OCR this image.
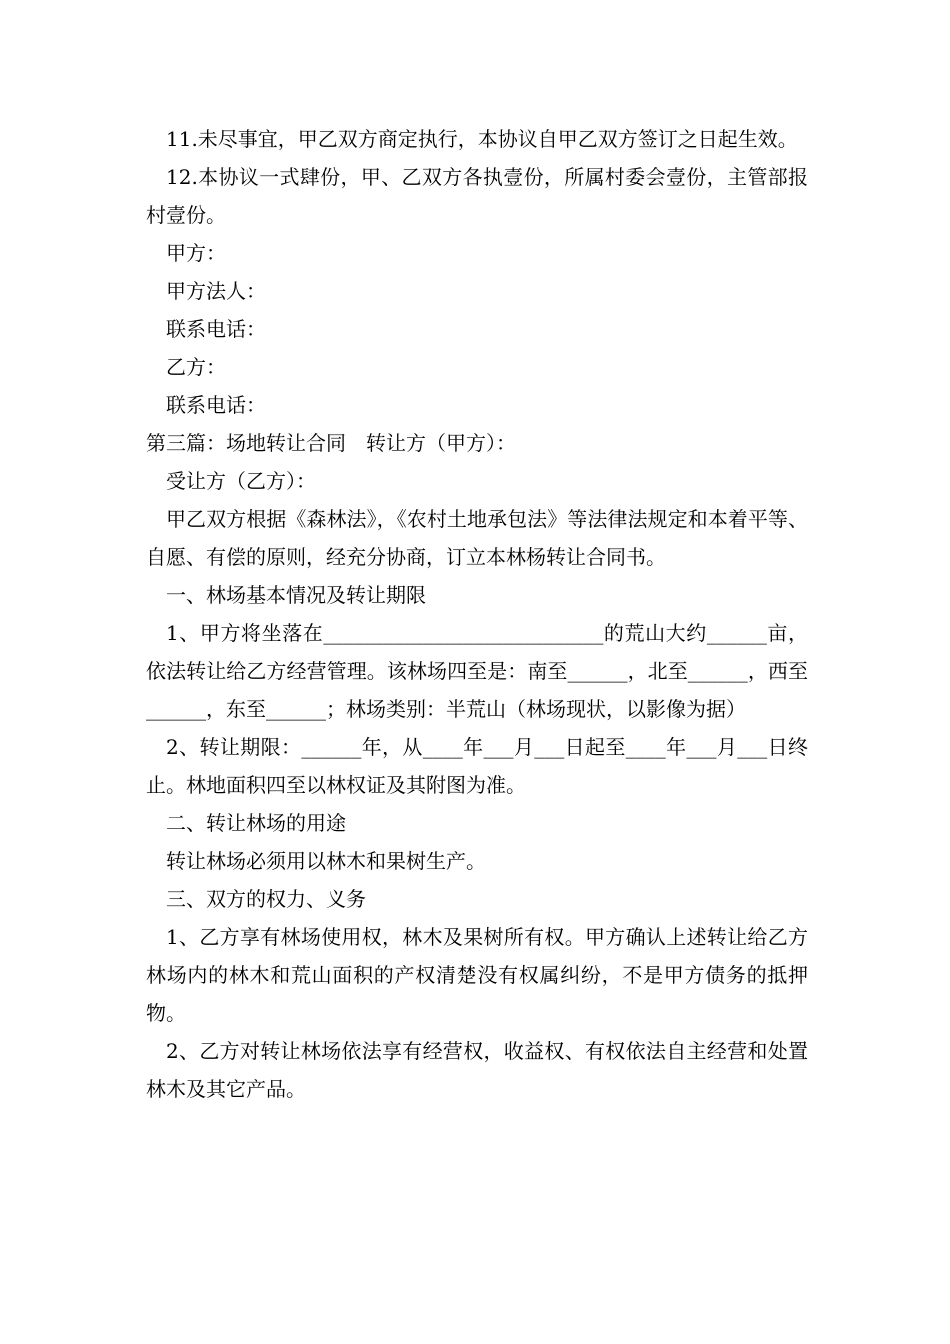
11.未尽事宜，甲乙双方商定执行，本协议自甲乙双方签订之日起生效。

12.本协议一式肆份，甲、乙双方各执壹份，所属村委会壹份，主管部报村壹份。

甲方：

甲方法人：

联系电话：

乙方：

联系电话：

第三篇：场地转让合同　转让方（甲方）：

受让方（乙方）：

甲乙双方根据《森林法》，《农村土地承包法》等法律法规定和本着平等、自愿、有偿的原则，经充分协商，订立本林杨转让合同书。

一、林场基本情况及转让期限

1、甲方将坐落在____________________________的荒山大约______亩，依法转让给乙方经营管理。该林场四至是：南至______，北至______，西至______，东至______；林场类别：半荒山（林场现状，以影像为据）

2、转让期限：______年，从____年___月___日起至____年___月___日终止。林地面积四至以林权证及其附图为准。

二、转让林场的用途

转让林场必须用以林木和果树生产。

三、双方的权力、义务

1、乙方享有林场使用权，林木及果树所有权。甲方确认上述转让给乙方林场内的林木和荒山面积的产权清楚没有权属纠纷，不是甲方债务的抵押物。

2、乙方对转让林场依法享有经营权，收益权、有权依法自主经营和处置林木及其它产品。
